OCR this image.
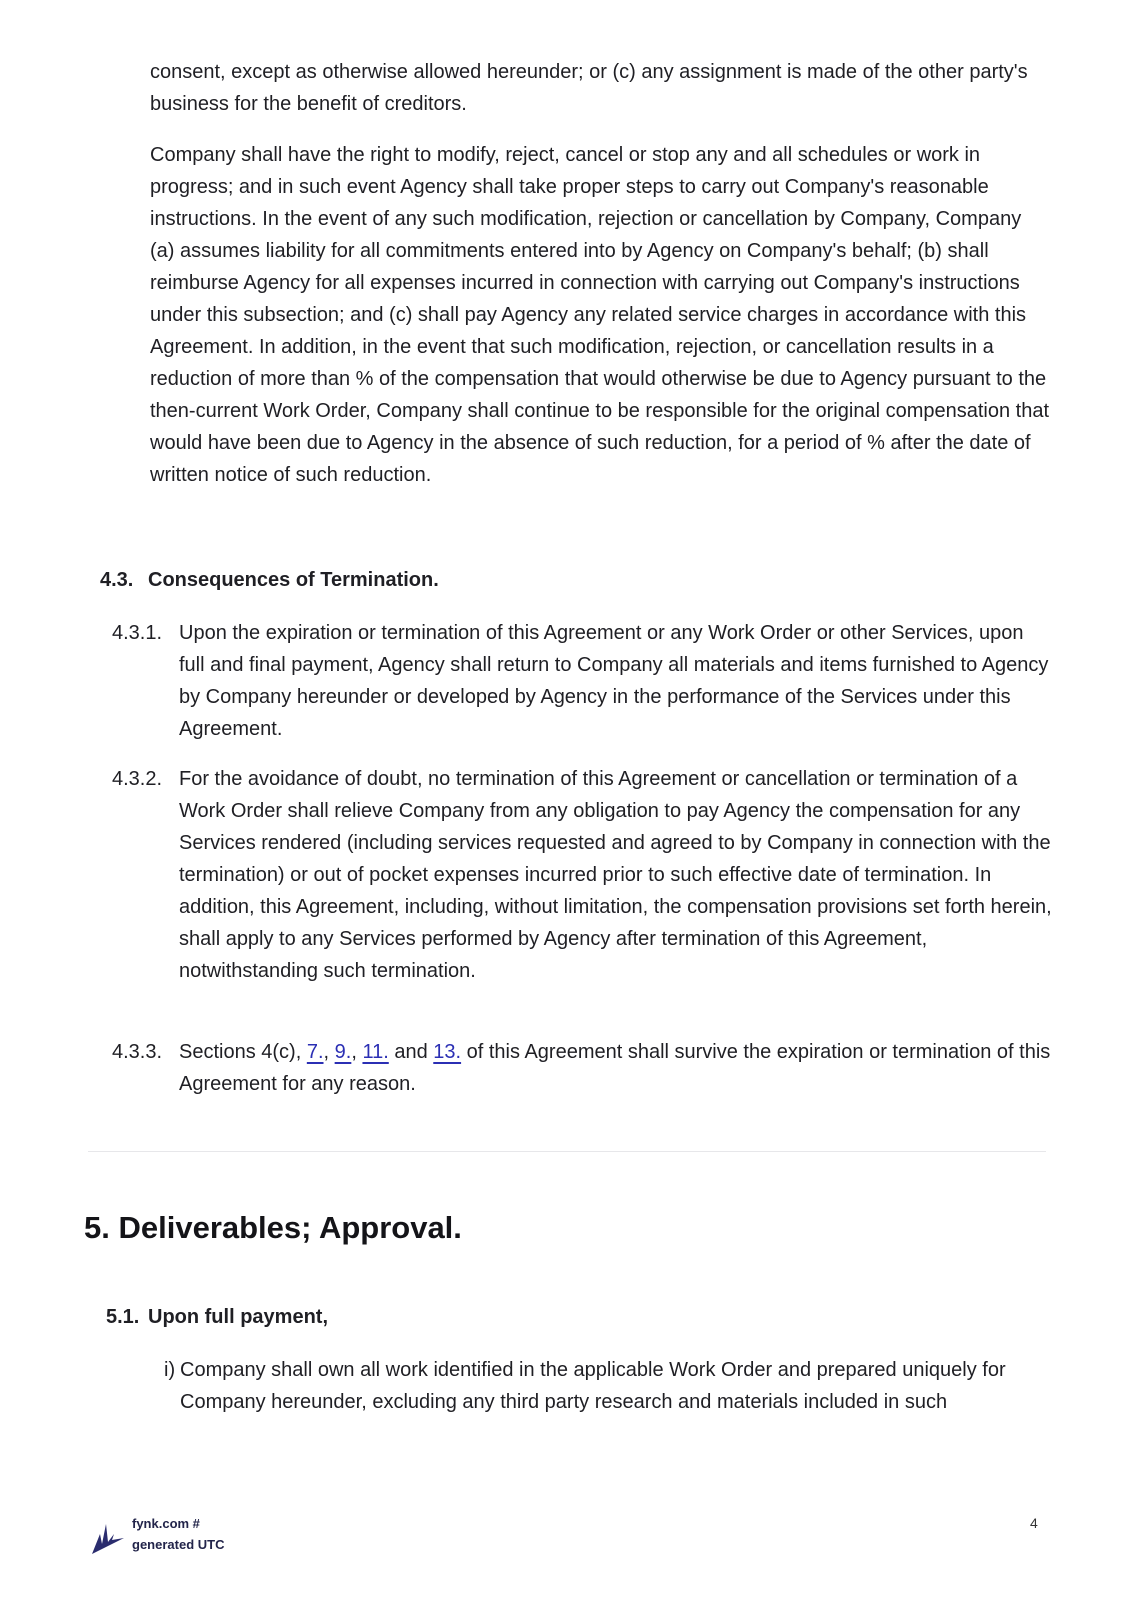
consent, except as otherwise allowed hereunder; or (c) any assignment is made of the other party's business for the benefit of creditors.

Company shall have the right to modify, reject, cancel or stop any and all schedules or work in progress; and in such event Agency shall take proper steps to carry out Company's reasonable instructions. In the event of any such modification, rejection or cancellation by Company, Company (a) assumes liability for all commitments entered into by Agency on Company's behalf; (b) shall reimburse Agency for all expenses incurred in connection with carrying out Company's instructions under this subsection; and (c) shall pay Agency any related service charges in accordance with this Agreement. In addition, in the event that such modification, rejection, or cancellation results in a reduction of more than % of the compensation that would otherwise be due to Agency pursuant to the then-current Work Order, Company shall continue to be responsible for the original compensation that would have been due to Agency in the absence of such reduction, for a period of % after the date of written notice of such reduction.

4.3. Consequences of Termination.
4.3.1. Upon the expiration or termination of this Agreement or any Work Order or other Services, upon full and final payment, Agency shall return to Company all materials and items furnished to Agency by Company hereunder or developed by Agency in the performance of the Services under this Agreement.
4.3.2. For the avoidance of doubt, no termination of this Agreement or cancellation or termination of a Work Order shall relieve Company from any obligation to pay Agency the compensation for any Services rendered (including services requested and agreed to by Company in connection with the termination) or out of pocket expenses incurred prior to such effective date of termination. In addition, this Agreement, including, without limitation, the compensation provisions set forth herein, shall apply to any Services performed by Agency after termination of this Agreement, notwithstanding such termination.
4.3.3. Sections 4(c), 7., 9., 11. and 13. of this Agreement shall survive the expiration or termination of this Agreement for any reason.
5. Deliverables; Approval.
5.1. Upon full payment,
i) Company shall own all work identified in the applicable Work Order and prepared uniquely for Company hereunder, excluding any third party research and materials included in such
fynk.com #
generated UTC
4
